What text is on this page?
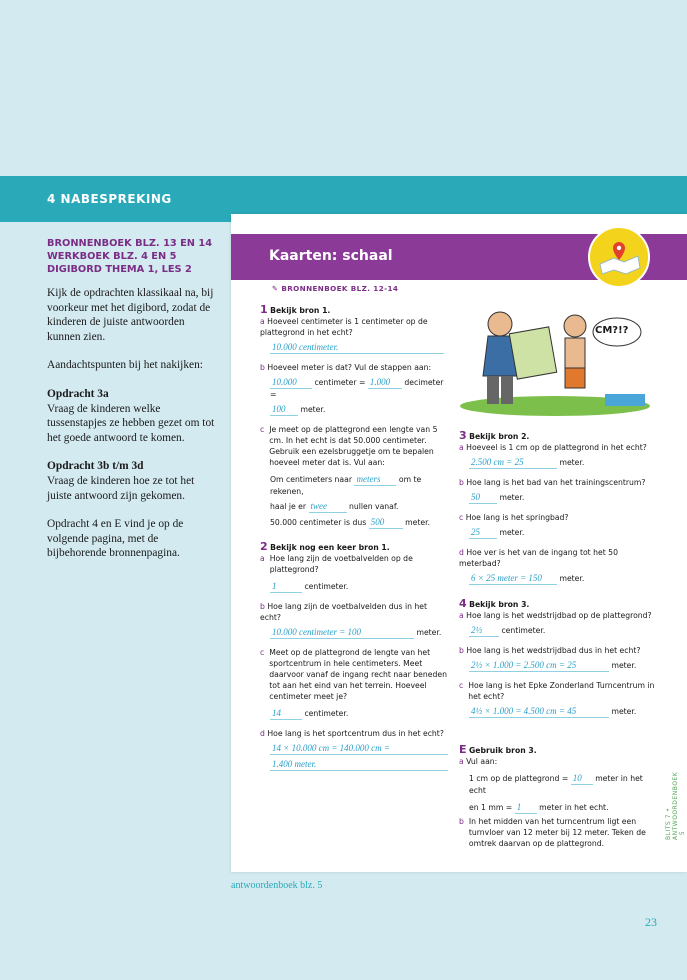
4 NABESPREKING
BRONNENBOEK BLZ. 13 EN 14
WERKBOEK BLZ. 4 EN 5
DIGIBORD THEMA 1, LES 2

Kijk de opdrachten klassikaal na, bij voorkeur met het digibord, zodat de kinderen de juiste antwoorden kunnen zien.

Aandachtspunten bij het nakijken:

Opdracht 3a
Vraag de kinderen welke tussenstapjes ze hebben gezet om tot het goede antwoord te komen.

Opdracht 3b t/m 3d
Vraag de kinderen hoe ze tot het juiste antwoord zijn gekomen.

Opdracht 4 en E vind je op de volgende pagina, met de bijbehorende bronnenpagina.

Kaarten: schaal
✎ BRONNENBOEK BLZ. 12-14
CM?!?
1 Bekijk bron 1.
a Hoeveel centimeter is 1 centimeter op de plattegrond in het echt?
10.000 centimeter.
b Hoeveel meter is dat? Vul de stappen aan:
10.000 centimeter = 1.000 decimeter =
100 meter.
c Je meet op de plattegrond een lengte van 5 cm. In het echt is dat 50.000 centimeter. Gebruik een ezelsbruggetje om te bepalen hoeveel meter dat is. Vul aan:
Om centimeters naar meters om te rekenen,
haal je er twee	nullen vanaf.
50.000 centimeter is dus 500	meter.
2 Bekijk nog een keer bron 1.
a Hoe lang zijn de voetbalvelden op de plattegrond?
1	centimeter.
b Hoe lang zijn de voetbalvelden dus in het echt?
10.000 centimeter = 100	meter.
c Meet op de plattegrond de lengte van het sportcentrum in hele centimeters. Meet daarvoor vanaf de ingang recht naar beneden tot aan het eind van het terrein. Hoeveel centimeter meet je?
14	centimeter.
d Hoe lang is het sportcentrum dus in het echt?
14 × 10.000 cm = 140.000 cm =
1.400 meter.
3 Bekijk bron 2.
a Hoeveel is 1 cm op de plattegrond in het echt?
2.500 cm = 25	meter.
b Hoe lang is het bad van het trainingscentrum?
50	meter.
c Hoe lang is het springbad?
25	meter.
d Hoe ver is het van de ingang tot het 50 meterbad?
6 × 25 meter = 150 meter.
4 Bekijk bron 3.
a Hoe lang is het wedstrijdbad op de plattegrond?
2½ centimeter.
b Hoe lang is het wedstrijdbad dus in het echt?
2½ × 1.000 = 2.500 cm = 25	meter.
c Hoe lang is het Epke Zonderland Turncentrum in het echt?
4½ × 1.000 = 4.500 cm = 45	meter.
E Gebruik bron 3.
a Vul aan:
1 cm op de plattegrond = 10 meter in het echt
en 1 mm = 1 meter in het echt.
b In het midden van het turncentrum ligt een turnvloer van 12 meter bij 12 meter. Teken de omtrek daarvan op de plattegrond.
BLITS 7 • ANTWOORDENBOEK   5
antwoordenboek blz. 5
23
